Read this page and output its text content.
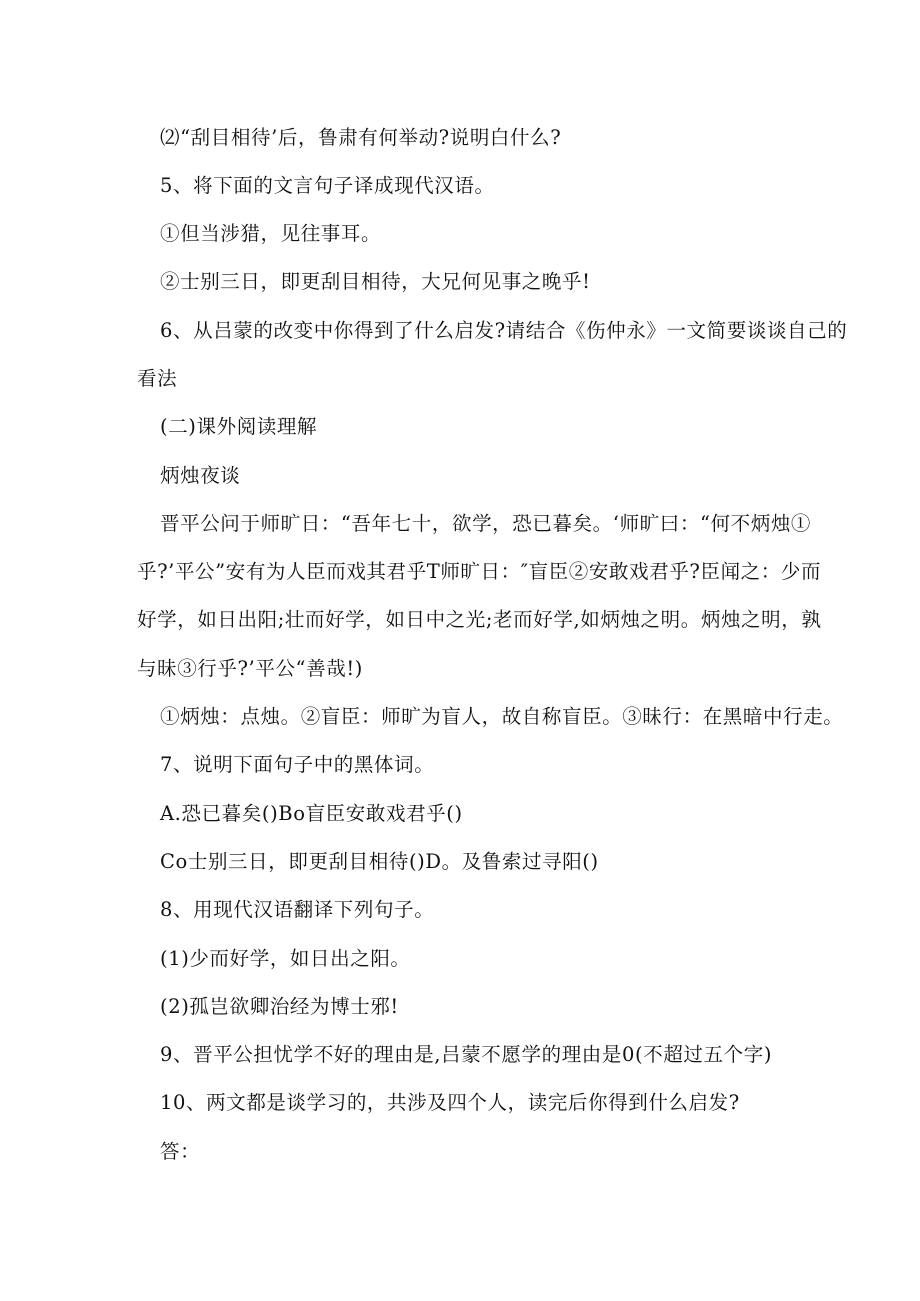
⑵“刮目相待’后，鲁肃有何举动?说明白什么?
5、将下面的文言句子译成现代汉语。
①但当涉猎，见往事耳。
②士别三日，即更刮目相待，大兄何见事之晚乎!
6、从吕蒙的改变中你得到了什么启发?请结合《伤仲永》一文简要谈谈自己的
看法
(二)课外阅读理解
炳烛夜谈
晋平公问于师旷日：“吾年七十，欲学，恐已暮矣。‘师旷曰：“何不炳烛①
乎?’平公”安有为人臣而戏其君乎T师旷日：″盲臣②安敢戏君乎?臣闻之：少而
好学，如日出阳;壮而好学，如日中之光;老而好学,如炳烛之明。炳烛之明，孰
与昧③行乎?’平公“善哉!)
①炳烛：点烛。②盲臣：师旷为盲人，故自称盲臣。③昧行：在黑暗中行走。
7、说明下面句子中的黑体词。
A.恐已暮矣()Bo盲臣安敢戏君乎()
Co士别三日，即更刮目相待()D。及鲁索过寻阳()
8、用现代汉语翻译下列句子。
(1)少而好学，如日出之阳。
(2)孤岂欲卿治经为博士邪!
9、晋平公担忧学不好的理由是,吕蒙不愿学的理由是0(不超过五个字)
10、两文都是谈学习的，共涉及四个人，读完后你得到什么启发?
答：
